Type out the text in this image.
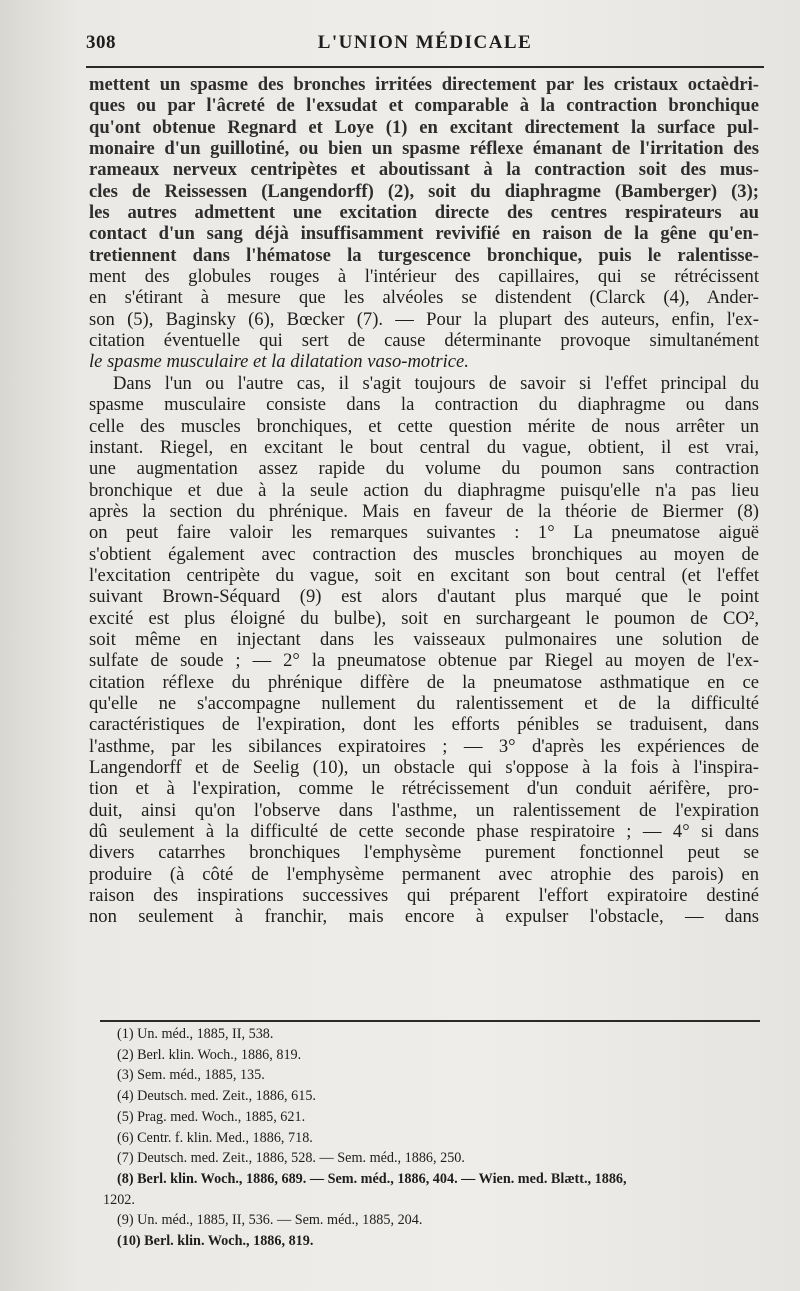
308	L'UNION MÉDICALE
mettent un spasme des bronches irritées directement par les cristaux octaèdri-
ques ou par l'âcreté de l'exsudat et comparable à la contraction bronchique
qu'ont obtenue Regnard et Loye (1) en excitant directement la surface pul-
monaire d'un guillotiné, ou bien un spasme réflexe émanant de l'irritation des
rameaux nerveux centripètes et aboutissant à la contraction soit des mus-
cles de Reissessen (Langendorff) (2), soit du diaphragme (Bamberger) (3);
les autres admettent une excitation directe des centres respirateurs au
contact d'un sang déjà insuffisamment revivifié en raison de la gêne qu'en-
tretiennent dans l'hématose la turgescence bronchique, puis le ralentisse-
ment des globules rouges à l'intérieur des capillaires, qui se rétrécissent
en s'étirant à mesure que les alvéoles se distendent (Clarck (4), Ander-
son (5), Baginsky (6), Bœcker (7). — Pour la plupart des auteurs, enfin, l'ex-
citation éventuelle qui sert de cause déterminante provoque simultanément
le spasme musculaire et la dilatation vaso-motrice.
Dans l'un ou l'autre cas, il s'agit toujours de savoir si l'effet principal du
spasme musculaire consiste dans la contraction du diaphragme ou dans
celle des muscles bronchiques, et cette question mérite de nous arrêter un
instant. Riegel, en excitant le bout central du vague, obtient, il est vrai,
une augmentation assez rapide du volume du poumon sans contraction
bronchique et due à la seule action du diaphragme puisqu'elle n'a pas lieu
après la section du phrénique. Mais en faveur de la théorie de Biermer (8)
on peut faire valoir les remarques suivantes : 1° La pneumatose aiguë
s'obtient également avec contraction des muscles bronchiques au moyen de
l'excitation centripète du vague, soit en excitant son bout central (et l'effet
suivant Brown-Séquard (9) est alors d'autant plus marqué que le point
excité est plus éloigné du bulbe), soit en surchargeant le poumon de CO²,
soit même en injectant dans les vaisseaux pulmonaires une solution de
sulfate de soude ; — 2° la pneumatose obtenue par Riegel au moyen de l'ex-
citation réflexe du phrénique diffère de la pneumatose asthmatique en ce
qu'elle ne s'accompagne nullement du ralentissement et de la difficulté
caractéristiques de l'expiration, dont les efforts pénibles se traduisent, dans
l'asthme, par les sibilances expiratoires ; — 3° d'après les expériences de
Langendorff et de Seelig (10), un obstacle qui s'oppose à la fois à l'inspira-
tion et à l'expiration, comme le rétrécissement d'un conduit aérifère, pro-
duit, ainsi qu'on l'observe dans l'asthme, un ralentissement de l'expiration
dû seulement à la difficulté de cette seconde phase respiratoire ; — 4° si dans
divers catarrhes bronchiques l'emphysème purement fonctionnel peut se
produire (à côté de l'emphysème permanent avec atrophie des parois) en
raison des inspirations successives qui préparent l'effort expiratoire destiné
non seulement à franchir, mais encore à expulser l'obstacle, — dans
(1) Un. méd., 1885, II, 538.
(2) Berl. klin. Woch., 1886, 819.
(3) Sem. méd., 1885, 135.
(4) Deutsch. med. Zeit., 1886, 615.
(5) Prag. med. Woch., 1885, 621.
(6) Centr. f. klin. Med., 1886, 718.
(7) Deutsch. med. Zeit., 1886, 528. — Sem. méd., 1886, 250.
(8) Berl. klin. Woch., 1886, 689. — Sem. méd., 1886, 404. — Wien. med. Blætt., 1886,
1202.
(9) Un. méd., 1885, II, 536. — Sem. méd., 1885, 204.
(10) Berl. klin. Woch., 1886, 819.
